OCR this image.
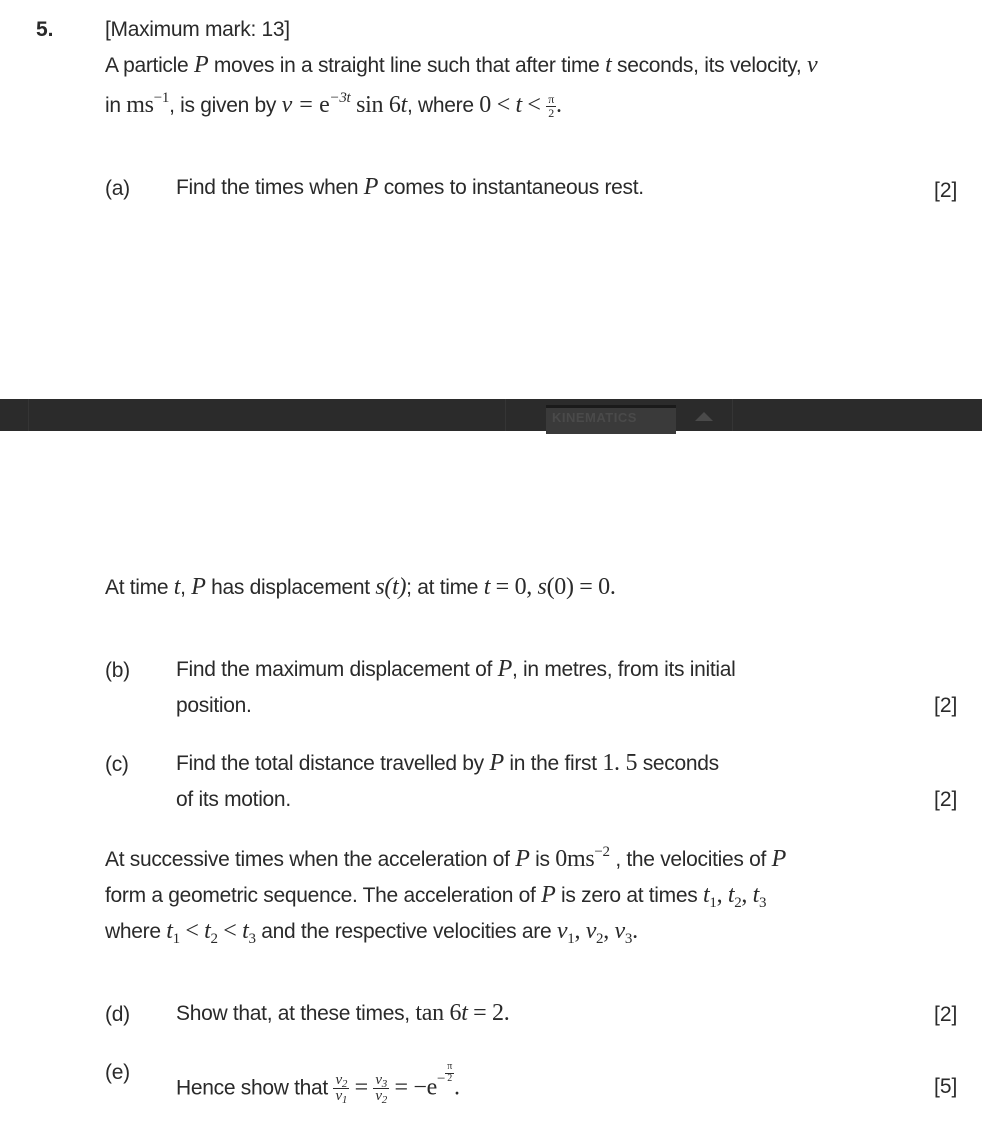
5. [Maximum mark: 13]
A particle P moves in a straight line such that after time t seconds, its velocity, v
in $ms^{-1}$, is given by $v = e^{-3t}$ sin 6t, where $0 < t < \frac{\pi}{2}$ .
(a) Find the times when P comes to instantaneous rest.	[2]
KINEMATICS
At time t, P has displacement s(t); at time t = 0, s(0) = 0.
(b) Find the maximum displacement of P, in metres, from its initial
position.	[2]
(c) Find the total distance travelled by P in the first 1. 5 seconds
of its motion.	[2]
At successive times when the acceleration of P is $0ms^{-2}$ , the velocities of P
form a geometric sequence. The acceleration of P is zero at times $t_1$, $t_2$, $t_3$
where $t_1 < t_2 < t_3$ and the respective velocities are $v_1$, $v_2$, $v_3$.
(d) Show that, at these times, tan 6t = 2.	[2]
(e)
Hence show that $\frac{v_2}{v_1} = \frac{v_3}{v_2} = -e^{- \frac{\pi}{2}}$
.	[5]
